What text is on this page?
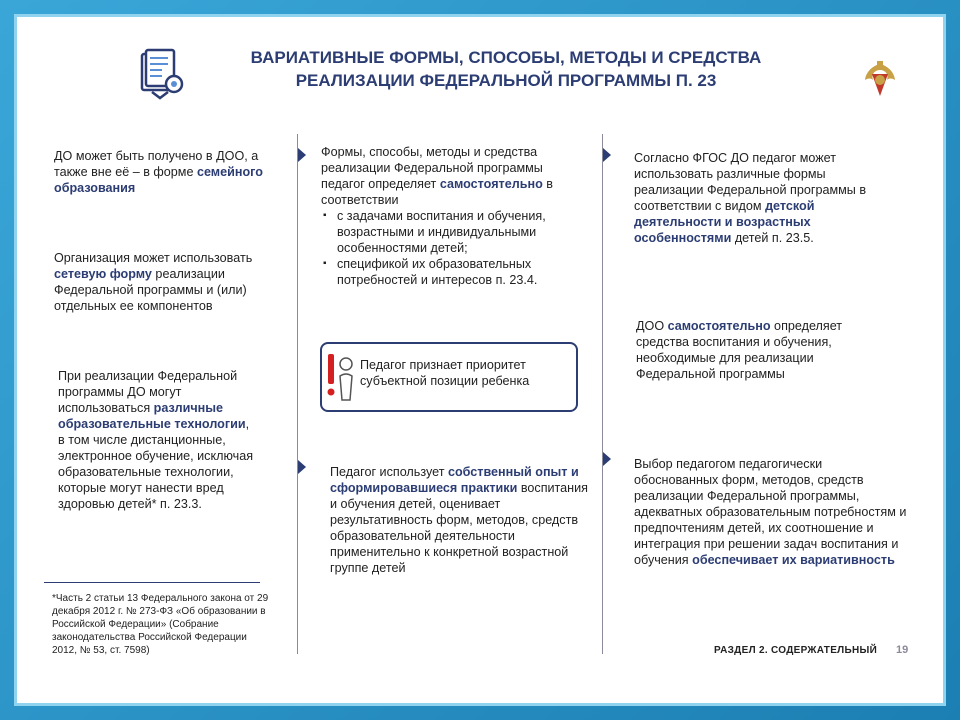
ВАРИАТИВНЫЕ ФОРМЫ, СПОСОБЫ, МЕТОДЫ И СРЕДСТВА
РЕАЛИЗАЦИИ ФЕДЕРАЛЬНОЙ ПРОГРАММЫ П. 23
ДО может быть получено в ДОО, а также вне её – в форме семейного образования
Организация может использовать сетевую форму реализации Федеральной программы и (или) отдельных ее компонентов
При реализации Федеральной программы ДО могут использоваться различные образовательные технологии, в том числе дистанционные, электронное обучение, исключая образовательные технологии, которые могут нанести вред здоровью детей* п. 23.3.
*Часть 2 статьи 13 Федерального закона от 29 декабря 2012 г. № 273-ФЗ «Об образовании в Российской Федерации» (Собрание законодательства Российской Федерации 2012, № 53, ст. 7598)
Формы, способы, методы и средства реализации Федеральной программы педагог определяет самостоятельно в соответствии
▪ с задачами воспитания и обучения, возрастными и индивидуальными особенностями детей;
▪ спецификой их образовательных потребностей и интересов п. 23.4.
Педагог признает приоритет субъектной позиции ребенка
Педагог использует собственный опыт и сформировавшиеся практики воспитания и обучения детей, оценивает результативность форм, методов, средств образовательной деятельности применительно к конкретной возрастной группе детей
Согласно ФГОС ДО педагог может использовать различные формы реализации Федеральной программы в соответствии с видом детской деятельности и возрастных особенностями детей п. 23.5.
ДОО самостоятельно определяет средства воспитания и обучения, необходимые для реализации Федеральной программы
Выбор педагогом педагогически обоснованных форм, методов, средств реализации Федеральной программы, адекватных образовательным потребностям и предпочтениям детей, их соотношение и интеграция при решении задач воспитания и обучения обеспечивает их вариативность
РАЗДЕЛ 2. СОДЕРЖАТЕЛЬНЫЙ 19
